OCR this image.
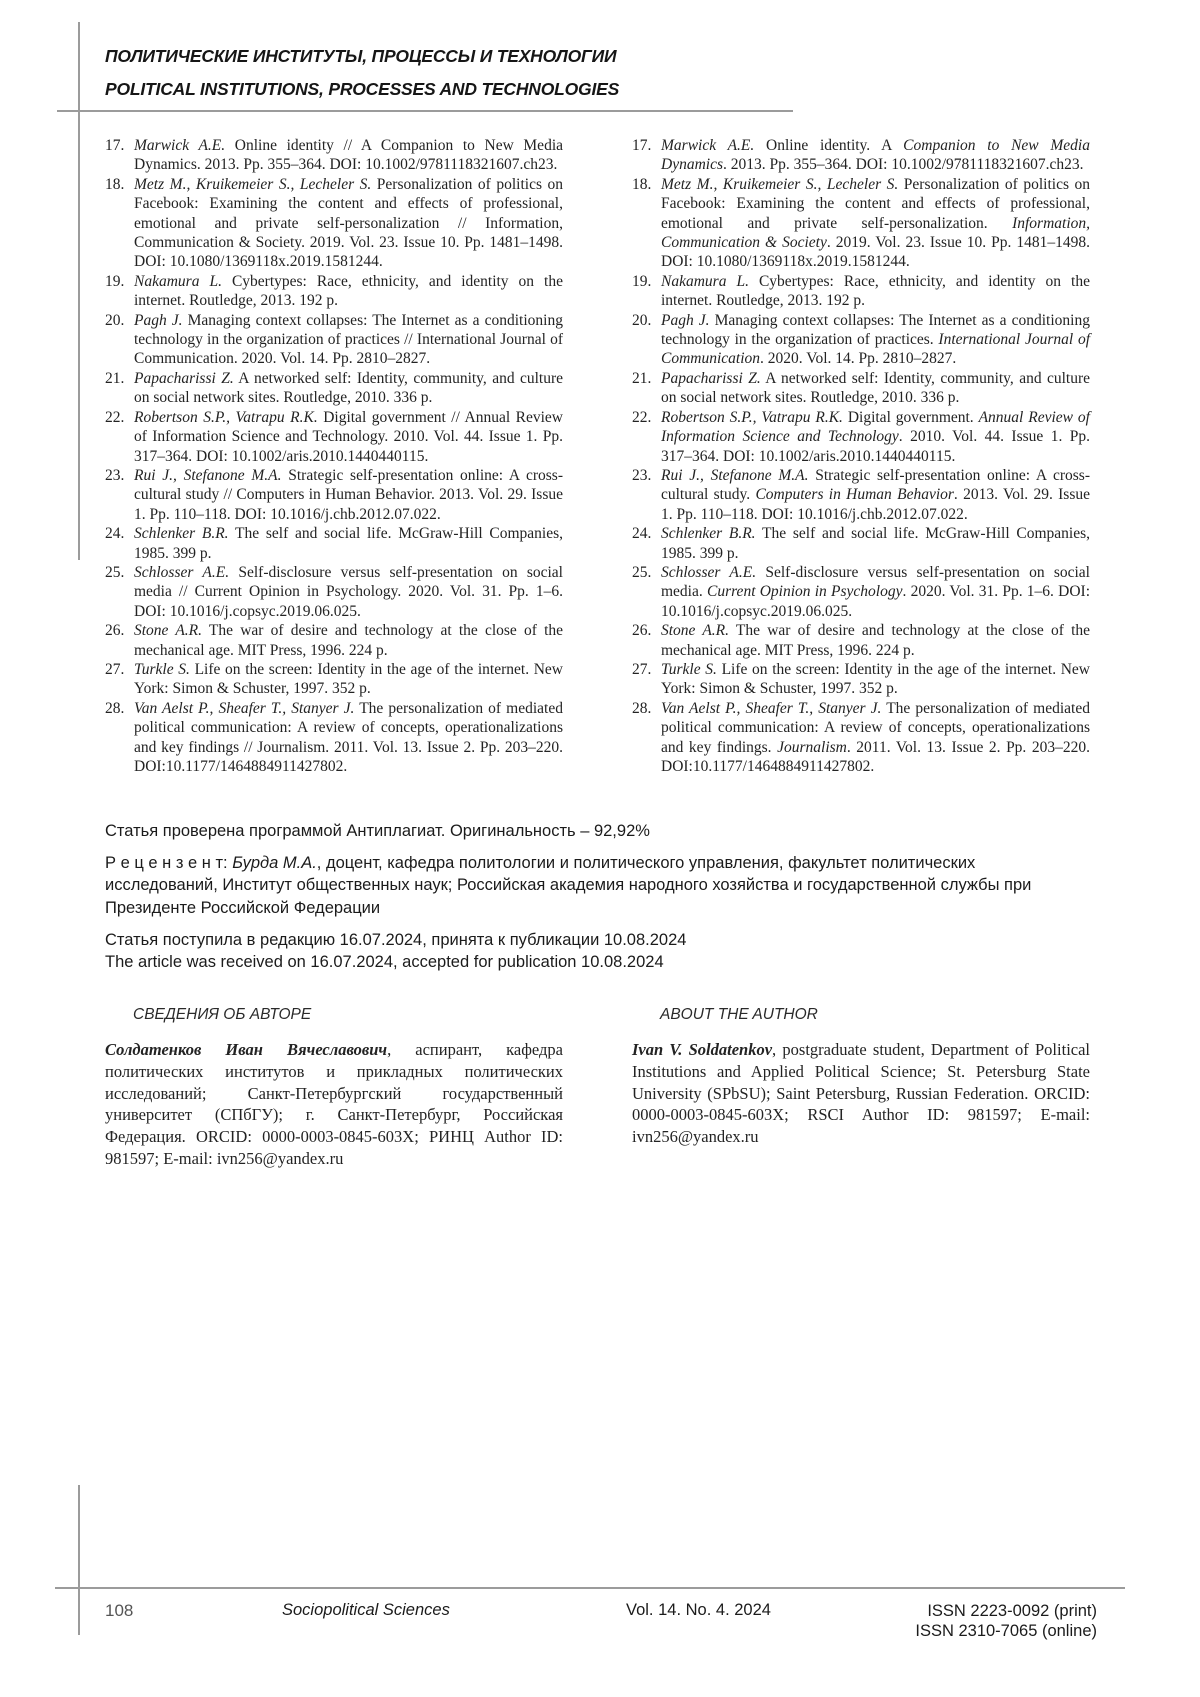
ПОЛИТИЧЕСКИЕ ИНСТИТУТЫ, ПРОЦЕССЫ И ТЕХНОЛОГИИ
POLITICAL INSTITUTIONS, PROCESSES AND TECHNOLOGIES
17. Marwick A.E. Online identity // A Companion to New Media Dynamics. 2013. Pp. 355–364. DOI: 10.1002/9781118321607.ch23.
18. Metz M., Kruikemeier S., Lecheler S. Personalization of politics on Facebook: Examining the content and effects of professional, emotional and private self-personalization // Information, Communication & Society. 2019. Vol. 23. Issue 10. Pp. 1481–1498. DOI: 10.1080/1369118x.2019.1581244.
19. Nakamura L. Cybertypes: Race, ethnicity, and identity on the internet. Routledge, 2013. 192 p.
20. Pagh J. Managing context collapses: The Internet as a conditioning technology in the organization of practices // International Journal of Communication. 2020. Vol. 14. Pp. 2810–2827.
21. Papacharissi Z. A networked self: Identity, community, and culture on social network sites. Routledge, 2010. 336 p.
22. Robertson S.P., Vatrapu R.K. Digital government // Annual Review of Information Science and Technology. 2010. Vol. 44. Issue 1. Pp. 317–364. DOI: 10.1002/aris.2010.1440440115.
23. Rui J., Stefanone M.A. Strategic self-presentation online: A cross-cultural study // Computers in Human Behavior. 2013. Vol. 29. Issue 1. Pp. 110–118. DOI: 10.1016/j.chb.2012.07.022.
24. Schlenker B.R. The self and social life. McGraw-Hill Companies, 1985. 399 p.
25. Schlosser A.E. Self-disclosure versus self-presentation on social media // Current Opinion in Psychology. 2020. Vol. 31. Pp. 1–6. DOI: 10.1016/j.copsyc.2019.06.025.
26. Stone A.R. The war of desire and technology at the close of the mechanical age. MIT Press, 1996. 224 p.
27. Turkle S. Life on the screen: Identity in the age of the internet. New York: Simon & Schuster, 1997. 352 p.
28. Van Aelst P., Sheafer T., Stanyer J. The personalization of mediated political communication: A review of concepts, operationalizations and key findings // Journalism. 2011. Vol. 13. Issue 2. Pp. 203–220. DOI:10.1177/1464884911427802.
17. Marwick A.E. Online identity. A Companion to New Media Dynamics. 2013. Pp. 355–364. DOI: 10.1002/9781118321607.ch23.
18. Metz M., Kruikemeier S., Lecheler S. Personalization of politics on Facebook: Examining the content and effects of professional, emotional and private self-personalization. Information, Communication & Society. 2019. Vol. 23. Issue 10. Pp. 1481–1498. DOI: 10.1080/1369118x.2019.1581244.
19. Nakamura L. Cybertypes: Race, ethnicity, and identity on the internet. Routledge, 2013. 192 p.
20. Pagh J. Managing context collapses: The Internet as a conditioning technology in the organization of practices. International Journal of Communication. 2020. Vol. 14. Pp. 2810–2827.
21. Papacharissi Z. A networked self: Identity, community, and culture on social network sites. Routledge, 2010. 336 p.
22. Robertson S.P., Vatrapu R.K. Digital government. Annual Review of Information Science and Technology. 2010. Vol. 44. Issue 1. Pp. 317–364. DOI: 10.1002/aris.2010.1440440115.
23. Rui J., Stefanone M.A. Strategic self-presentation online: A cross-cultural study. Computers in Human Behavior. 2013. Vol. 29. Issue 1. Pp. 110–118. DOI: 10.1016/j.chb.2012.07.022.
24. Schlenker B.R. The self and social life. McGraw-Hill Companies, 1985. 399 p.
25. Schlosser A.E. Self-disclosure versus self-presentation on social media. Current Opinion in Psychology. 2020. Vol. 31. Pp. 1–6. DOI: 10.1016/j.copsyc.2019.06.025.
26. Stone A.R. The war of desire and technology at the close of the mechanical age. MIT Press, 1996. 224 p.
27. Turkle S. Life on the screen: Identity in the age of the internet. New York: Simon & Schuster, 1997. 352 p.
28. Van Aelst P., Sheafer T., Stanyer J. The personalization of mediated political communication: A review of concepts, operationalizations and key findings. Journalism. 2011. Vol. 13. Issue 2. Pp. 203–220. DOI:10.1177/1464884911427802.
Статья проверена программой Антиплагиат. Оригинальность – 92,92%
Р е ц е н з е н т: Бурда М.А., доцент, кафедра политологии и политического управления, факультет политических исследований, Институт общественных наук; Российская академия народного хозяйства и государственной службы при Президенте Российской Федерации
Статья поступила в редакцию 16.07.2024, принята к публикации 10.08.2024
The article was received on 16.07.2024, accepted for publication 10.08.2024
СВЕДЕНИЯ ОБ АВТОРЕ
Солдатенков Иван Вячеславович, аспирант, кафедра политических институтов и прикладных политических исследований; Санкт-Петербургский государственный университет (СПбГУ); г. Санкт-Петербург, Российская Федерация. ORCID: 0000-0003-0845-603X; РИНЦ Author ID: 981597; E-mail: ivn256@yandex.ru
ABOUT THE AUTHOR
Ivan V. Soldatenkov, postgraduate student, Department of Political Institutions and Applied Political Science; St. Petersburg State University (SPbSU); Saint Petersburg, Russian Federation. ORCID: 0000-0003-0845-603X; RSCI Author ID: 981597; E-mail: ivn256@yandex.ru
108	Sociopolitical Sciences	Vol. 14. No. 4. 2024	ISSN 2223-0092 (print)
ISSN 2310-7065 (online)
